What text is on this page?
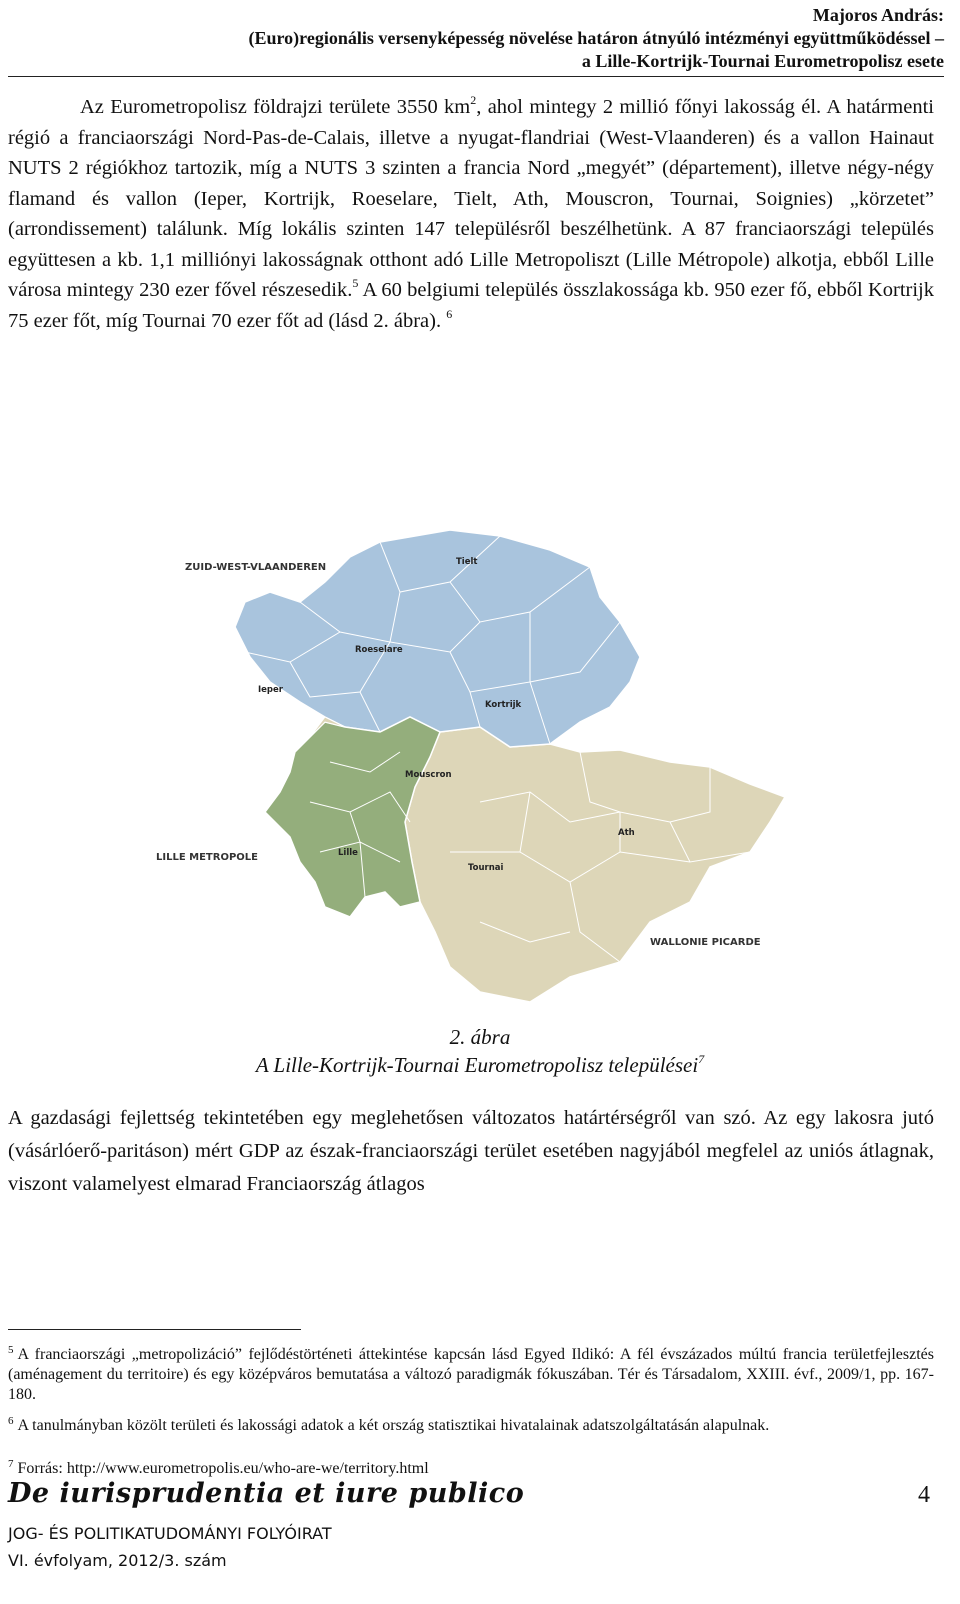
Majoros András:
(Euro)regionális versenyképesség növelése határon átnyúló intézményi együttműködéssel –
a Lille-Kortrijk-Tournai Eurometropolisz esete

Az Eurometropolisz földrajzi területe 3550 $km^2$, ahol mintegy 2 millió főnyi lakosság él. A határmenti régió a franciaországi Nord-Pas-de-Calais, illetve a nyugat-flandriai (West-Vlaanderen) és a vallon Hainaut NUTS 2 régiókhoz tartozik, míg a NUTS 3 szinten a francia Nord „megyét” (département), illetve négy-négy flamand és vallon (Ieper, Kortrijk, Roeselare, Tielt, Ath, Mouscron, Tournai, Soignies) „körzetet” (arrondissement) találunk. Míg lokális szinten 147 településről beszélhetünk. A 87 franciaországi település együttesen a kb. 1,1 milliónyi lakosságnak otthont adó Lille Metropoliszt (Lille Métropole) alkotja, ebből Lille városa mintegy 230 ezer fővel részesedik.$^5$ A 60 belgiumi település összlakossága kb. 950 ezer fő, ebből Kortrijk 75 ezer főt, míg Tournai 70 ezer főt ad (lásd 2. ábra). $^6$

ZUID-WEST-VLAANDEREN	Tielt
Roeselare
Ieper
Kortrijk
Mouscron
LILLE METROPOLE	Lille
Ath
Tournai
WALLONIE PICARDE
2. ábra
A Lille-Kortrijk-Tournai Eurometropolisz települései$^7$

A gazdasági fejlettség tekintetében egy meglehetősen változatos határtérségről van szó. Az egy lakosra jutó (vásárlóerő-paritáson) mért GDP az észak-franciaországi terület esetében nagyjából megfelel az uniós átlagnak, viszont valamelyest elmarad Franciaország átlagos

$^5$ A franciaországi „metropolizáció” fejlődéstörténeti áttekintése kapcsán lásd Egyed Ildikó: A fél évszázados múltú francia területfejlesztés (aménagement du territoire) és egy középváros bemutatása a változó paradigmák fókuszában. Tér és Társadalom, XXIII. évf., 2009/1, pp. 167-180.

$^6$ A tanulmányban közölt területi és lakossági adatok a két ország statisztikai hivatalainak adatszolgáltatásán alapulnak.

$^7$ Forrás: http://www.eurometropolis.eu/who-are-we/territory.html

De iurisprudentia et iure publico	4
JOG- ÉS POLITIKATUDOMÁNYI FOLYÓIRAT
VI. évfolyam, 2012/3. szám
